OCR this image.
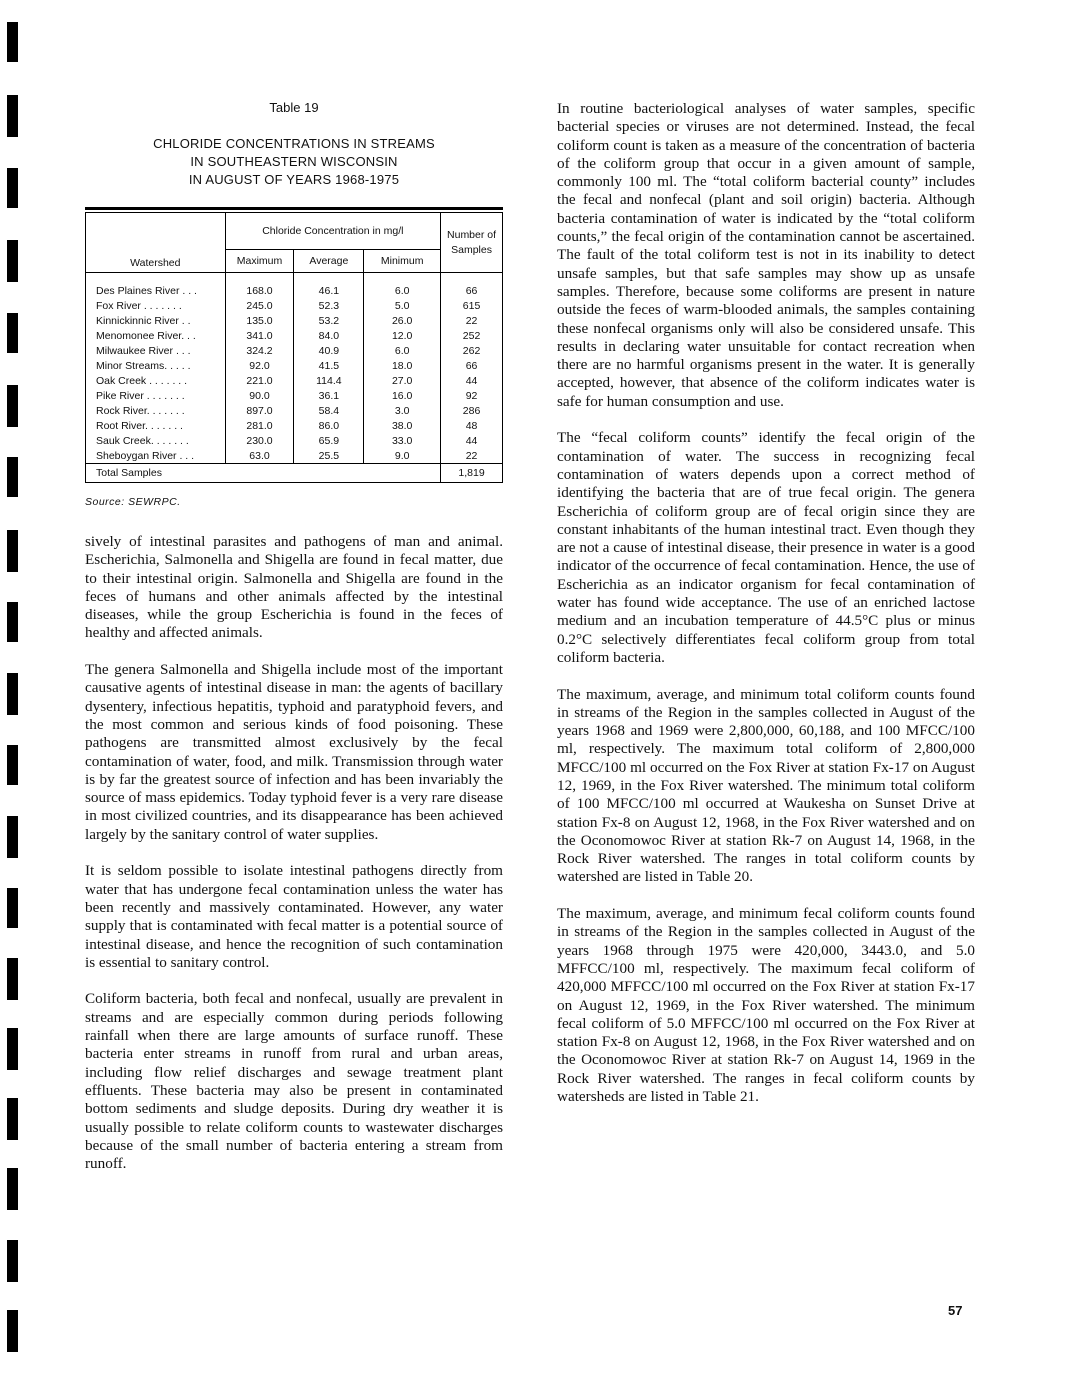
Table 19
CHLORIDE CONCENTRATIONS IN STREAMS
IN SOUTHEASTERN WISCONSIN
IN AUGUST OF YEARS 1968-1975
Watershed	Chloride Concentration in mg/l			Number of Samples
	Maximum	Average	Minimum	

Des Plaines River . . .	168.0	46.1	6.0	66
Fox River . . . . . . .	245.0	52.3	5.0	615
Kinnickinnic River . .	135.0	53.2	26.0	22
Menomonee River. . .	341.0	84.0	12.0	252
Milwaukee River . . .	324.2	40.9	6.0	262
Minor Streams. . . . .	92.0	41.5	18.0	66
Oak Creek . . . . . . .	221.0	114.4	27.0	44
Pike River . . . . . . .	90.0	36.1	16.0	92
Rock River. . . . . . .	897.0	58.4	3.0	286
Root River. . . . . . .	281.0	86.0	38.0	48
Sauk Creek. . . . . . .	230.0	65.9	33.0	44
Sheboygan River . . .	63.0	25.5	9.0	22
Total Samples				1,819
Source: SEWRPC.

sively of intestinal parasites and pathogens of man and animal. Escherichia, Salmonella and Shigella are found in fecal matter, due to their intestinal origin. Salmonella and Shigella are found in the feces of humans and other animals affected by the intestinal diseases, while the group Escherichia is found in the feces of healthy and affected animals.

The genera Salmonella and Shigella include most of the important causative agents of intestinal disease in man: the agents of bacillary dysentery, infectious hepatitis, typhoid and paratyphoid fevers, and the most common and serious kinds of food poisoning. These pathogens are transmitted almost exclusively by the fecal contamination of water, food, and milk. Transmission through water is by far the greatest source of infection and has been invariably the source of mass epidemics. Today typhoid fever is a very rare disease in most civilized countries, and its disappearance has been achieved largely by the sanitary control of water supplies.

It is seldom possible to isolate intestinal pathogens directly from water that has undergone fecal contamination unless the water has been recently and massively contaminated. However, any water supply that is contaminated with fecal matter is a potential source of intestinal disease, and hence the recognition of such contamination is essential to sanitary control.

Coliform bacteria, both fecal and nonfecal, usually are prevalent in streams and are especially common during periods following rainfall when there are large amounts of surface runoff. These bacteria enter streams in runoff from rural and urban areas, including flow relief discharges and sewage treatment plant effluents. These bacteria may also be present in contaminated bottom sediments and sludge deposits. During dry weather it is usually possible to relate coliform counts to wastewater discharges because of the small number of bacteria entering a stream from runoff.

In routine bacteriological analyses of water samples, specific bacterial species or viruses are not determined. Instead, the fecal coliform count is taken as a measure of the concentration of bacteria of the coliform group that occur in a given amount of sample, commonly 100 ml. The “total coliform bacterial county” includes the fecal and nonfecal (plant and soil origin) bacteria. Although bacteria contamination of water is indicated by the “total coliform counts,” the fecal origin of the contamination cannot be ascertained. The fault of the total coliform test is not in its inability to detect unsafe samples, but that safe samples may show up as unsafe samples. Therefore, because some coliforms are present in nature outside the feces of warm-blooded animals, the samples containing these nonfecal organisms only will also be considered unsafe. This results in declaring water unsuitable for contact recreation when there are no harmful organisms present in the water. It is generally accepted, however, that absence of the coliform indicates water is safe for human consumption and use.

The “fecal coliform counts” identify the fecal origin of the contamination of water. The success in recognizing fecal contamination of waters depends upon a correct method of identifying the bacteria that are of true fecal origin. The genera Escherichia of coliform group are of fecal origin since they are constant inhabitants of the human intestinal tract. Even though they are not a cause of intestinal disease, their presence in water is a good indicator of the occurrence of fecal contamination. Hence, the use of Escherichia as an indicator organism for fecal contamination of water has found wide acceptance. The use of an enriched lactose medium and an incubation temperature of 44.5°C plus or minus 0.2°C selectively differentiates fecal coliform group from total coliform bacteria.

The maximum, average, and minimum total coliform counts found in streams of the Region in the samples collected in August of the years 1968 and 1969 were 2,800,000, 60,188, and 100 MFCC/100 ml, respectively. The maximum total coliform of 2,800,000 MFCC/100 ml occurred on the Fox River at station Fx-17 on August 12, 1969, in the Fox River watershed. The minimum total coliform of 100 MFCC/100 ml occurred at Waukesha on Sunset Drive at station Fx-8 on August 12, 1968, in the Fox River watershed and on the Oconomowoc River at station Rk-7 on August 14, 1968, in the Rock River watershed. The ranges in total coliform counts by watershed are listed in Table 20.

The maximum, average, and minimum fecal coliform counts found in streams of the Region in the samples collected in August of the years 1968 through 1975 were 420,000, 3443.0, and 5.0 MFFCC/100 ml, respectively. The maximum fecal coliform of 420,000 MFFCC/100 ml occurred on the Fox River at station Fx-17 on August 12, 1969, in the Fox River watershed. The minimum fecal coliform of 5.0 MFFCC/100 ml occurred on the Fox River at station Fx-8 on August 12, 1968, in the Fox River watershed and on the Oconomowoc River at station Rk-7 on August 14, 1969 in the Rock River watershed. The ranges in fecal coliform counts by watersheds are listed in Table 21.

57
